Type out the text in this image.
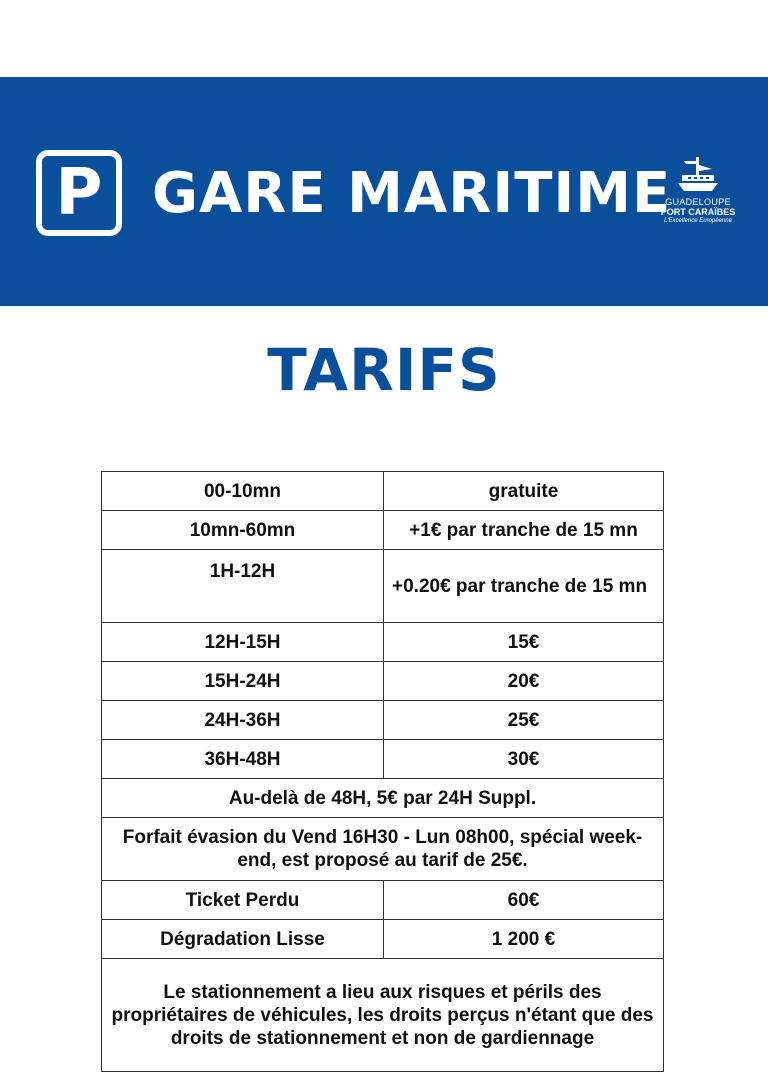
P GARE MARITIME
GUADELOUPE
PORT CARAÏBES
L'Excellence Européenne
TARIFS
00-10mn	gratuite
10mn-60mn	+1€ par tranche de 15 mn
1H-12H	+0.20€ par tranche de 15 mn
12H-15H	15€
15H-24H	20€
24H-36H	25€
36H-48H	30€
Au-delà de 48H, 5€ par 24H Suppl.	
Forfait évasion du Vend 16H30 - Lun 08h00, spécial week-end, est proposé au tarif de 25€.	
Ticket Perdu	60€
Dégradation Lisse	1 200 €
Le stationnement a lieu aux risques et périls des propriétaires de véhicules, les droits perçus n'étant que des droits de stationnement et non de gardiennage	
